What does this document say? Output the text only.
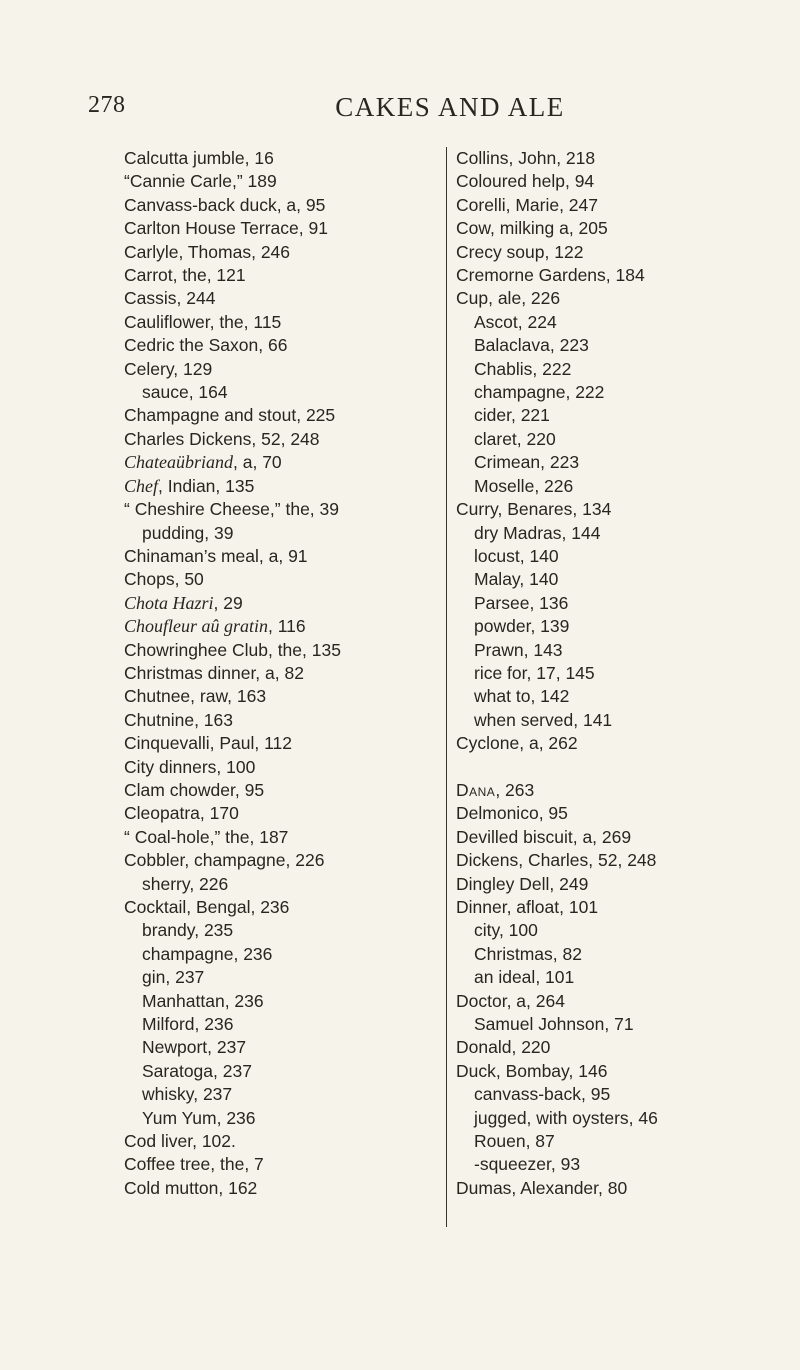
278	CAKES AND ALE
Calcutta jumble, 16
“Cannie Carle,” 189
Canvass-back duck, a, 95
Carlton House Terrace, 91
Carlyle, Thomas, 246
Carrot, the, 121
Cassis, 244
Cauliflower, the, 115
Cedric the Saxon, 66
Celery, 129
sauce, 164
Champagne and stout, 225
Charles Dickens, 52, 248
Chateaübriand, a, 70
Chef, Indian, 135
“ Cheshire Cheese,” the, 39
pudding, 39
Chinaman’s meal, a, 91
Chops, 50
Chota Hazri, 29
Choufleur aû gratin, 116
Chowringhee Club, the, 135
Christmas dinner, a, 82
Chutnee, raw, 163
Chutnine, 163
Cinquevalli, Paul, 112
City dinners, 100
Clam chowder, 95
Cleopatra, 170
“ Coal-hole,” the, 187
Cobbler, champagne, 226
sherry, 226
Cocktail, Bengal, 236
brandy, 235
champagne, 236
gin, 237
Manhattan, 236
Milford, 236
Newport, 237
Saratoga, 237
whisky, 237
Yum Yum, 236
Cod liver, 102.
Coffee tree, the, 7
Cold mutton, 162
Collins, John, 218
Coloured help, 94
Corelli, Marie, 247
Cow, milking a, 205
Crecy soup, 122
Cremorne Gardens, 184
Cup, ale, 226
Ascot, 224
Balaclava, 223
Chablis, 222
champagne, 222
cider, 221
claret, 220
Crimean, 223
Moselle, 226
Curry, Benares, 134
dry Madras, 144
locust, 140
Malay, 140
Parsee, 136
powder, 139
Prawn, 143
rice for, 17, 145
what to, 142
when served, 141
Cyclone, a, 262
Dana, 263
Delmonico, 95
Devilled biscuit, a, 269
Dickens, Charles, 52, 248
Dingley Dell, 249
Dinner, afloat, 101
city, 100
Christmas, 82
an ideal, 101
Doctor, a, 264
Samuel Johnson, 71
Donald, 220
Duck, Bombay, 146
canvass-back, 95
jugged, with oysters, 46
Rouen, 87
-squeezer, 93
Dumas, Alexander, 80
